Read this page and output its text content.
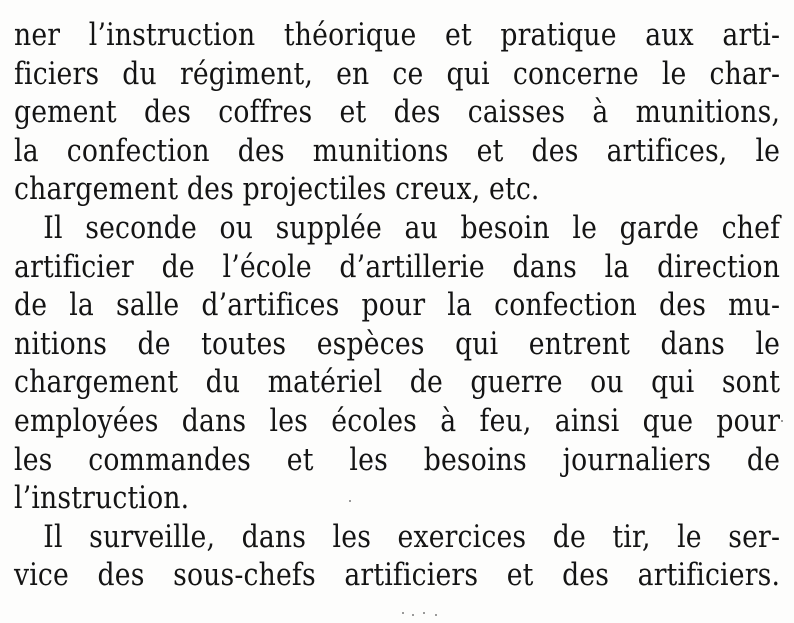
ner l’instruction théorique et pratique aux arti-
ficiers du régiment, en ce qui concerne le char-
gement des coffres et des caisses à munitions,
la confection des munitions et des artifices, le
chargement des projectiles creux, etc.
Il seconde ou supplée au besoin le garde chef
artificier de l’école d’artillerie dans la direction
de la salle d’artifices pour la confection des mu-
nitions de toutes espèces qui entrent dans le
chargement du matériel de guerre ou qui sont
employées dans les écoles à feu, ainsi que pour
les commandes et les besoins journaliers de
l’instruction.
Il surveille, dans les exercices de tir, le ser-
vice des sous-chefs artificiers et des artificiers.
